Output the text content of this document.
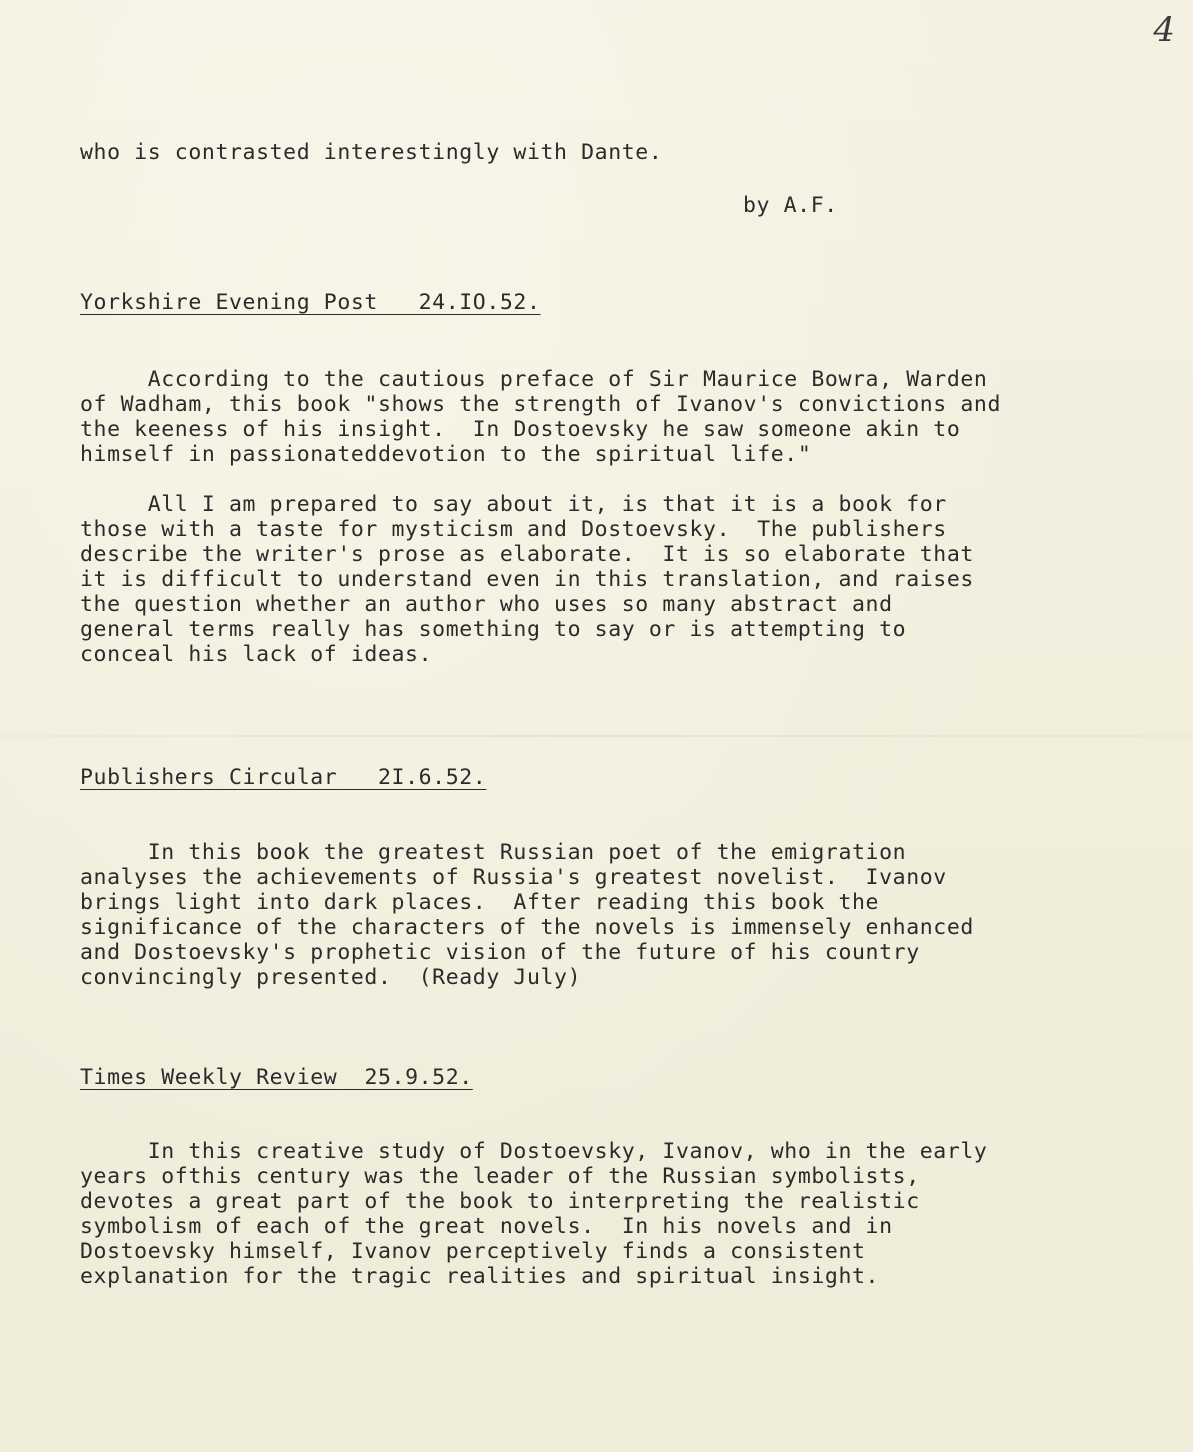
4
who is contrasted interestingly with Dante.
by A.F.
Yorkshire Evening Post 24.IO.52.
According to the cautious preface of Sir Maurice Bowra, Warden
of Wadham, this book "shows the strength of Ivanov's convictions and
the keeness of his insight.  In Dostoevsky he saw someone akin to
himself in passionateddevotion to the spiritual life."
All I am prepared to say about it, is that it is a book for
those with a taste for mysticism and Dostoevsky.  The publishers
describe the writer's prose as elaborate.  It is so elaborate that
it is difficult to understand even in this translation, and raises
the question whether an author who uses so many abstract and
general terms really has something to say or is attempting to
conceal his lack of ideas.
Publishers Circular 2I.6.52.
In this book the greatest Russian poet of the emigration
analyses the achievements of Russia's greatest novelist.  Ivanov
brings light into dark places.  After reading this book the
significance of the characters of the novels is immensely enhanced
and Dostoevsky's prophetic vision of the future of his country
convincingly presented.  (Ready July)
Times Weekly Review 25.9.52.
In this creative study of Dostoevsky, Ivanov, who in the early
years ofthis century was the leader of the Russian symbolists,
devotes a great part of the book to interpreting the realistic
symbolism of each of the great novels.  In his novels and in
Dostoevsky himself, Ivanov perceptively finds a consistent
explanation for the tragic realities and spiritual insight.
